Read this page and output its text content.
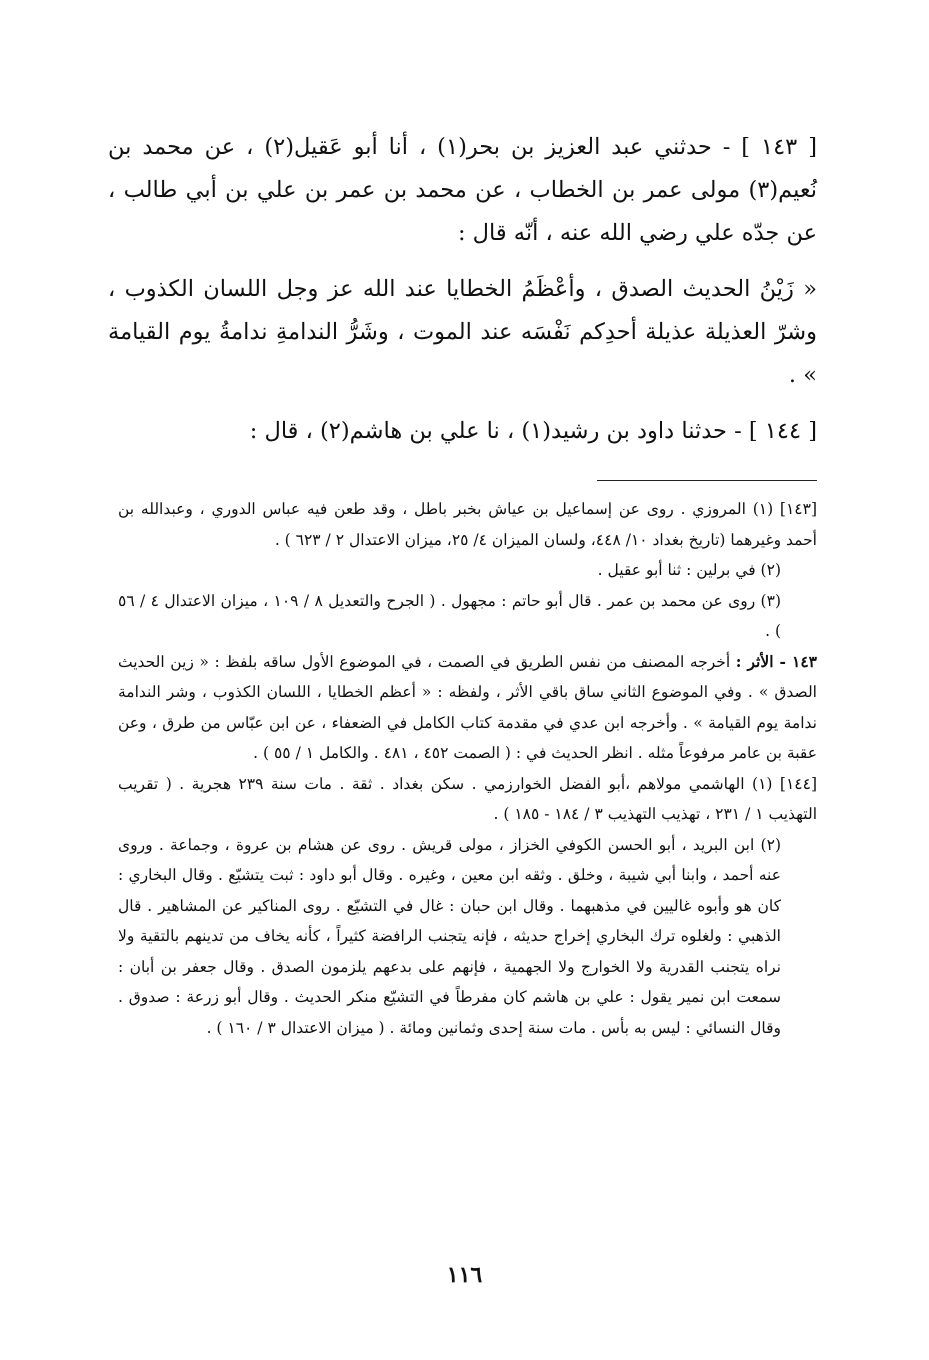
[ ١٤٣ ] - حدثني عبد العزيز بن بحر(١) ، أنا أبو عَقيل(٢) ، عن محمد بن نُعيم(٣) مولى عمر بن الخطاب ، عن محمد بن عمر بن علي بن أبي طالب ، عن جدّه علي رضي الله عنه ، أنّه قال :

« زَيْنُ الحديث الصدق ، وأعْظَمُ الخطايا عند الله عز وجل اللسان الكذوب ، وشرّ العذيلة عذيلة أحدِكم نَفْسَه عند الموت ، وشَرُّ الندامةِ ندامةُ يوم القيامة » .

[ ١٤٤ ] - حدثنا داود بن رشيد(١) ، نا علي بن هاشم(٢) ، قال :

[١٤٣] (١) المروزي . روى عن إسماعيل بن عياش بخبر باطل ، وقد طعن فيه عباس الدوري ، وعبدالله بن أحمد وغيرهما (تاريخ بغداد ١٠/ ٤٤٨، ولسان الميزان ٤/ ٢٥، ميزان الاعتدال ٢ / ٦٢٣ ) .

(٢) في برلين : ثنا أبو عقيل .

(٣) روى عن محمد بن عمر . قال أبو حاتم : مجهول . ( الجرح والتعديل ٨ / ١٠٩ ، ميزان الاعتدال ٤ / ٥٦ ) .

١٤٣ - الأثر : أخرجه المصنف من نفس الطريق في الصمت ، في الموضوع الأول ساقه بلفظ : « زين الحديث الصدق » . وفي الموضوع الثاني ساق باقي الأثر ، ولفظه : « أعظم الخطايا ، اللسان الكذوب ، وشر الندامة ندامة يوم القيامة » . وأخرجه ابن عدي في مقدمة كتاب الكامل في الضعفاء ، عن ابن عبّاس من طرق ، وعن عقبة بن عامر مرفوعاً مثله . انظر الحديث في : ( الصمت ٤٥٢ ، ٤٨١ . والكامل ١ / ٥٥ ) .

[١٤٤] (١) الهاشمي مولاهم ،أبو الفضل الخوارزمي . سكن بغداد . ثقة . مات سنة ٢٣٩ هجرية . ( تقريب التهذيب ١ / ٢٣١ ، تهذيب التهذيب ٣ / ١٨٤ - ١٨٥ ) .

(٢) ابن البريد ، أبو الحسن الكوفي الخزاز ، مولى قريش . روى عن هشام بن عروة ، وجماعة . وروى عنه أحمد ، وابنا أبي شيبة ، وخلق . وثقه ابن معين ، وغيره . وقال أبو داود : ثبت يتشيّع . وقال البخاري : كان هو وأبوه غاليين في مذهبهما . وقال ابن حبان : غال في التشيّع . روى المناكير عن المشاهير . قال الذهبي : ولغلوه ترك البخاري إخراج حديثه ، فإنه يتجنب الرافضة كثيراً ، كأنه يخاف من تدينهم بالتقية ولا نراه يتجنب القدرية ولا الخوارج ولا الجهمية ، فإنهم على بدعهم يلزمون الصدق . وقال جعفر بن أبان : سمعت ابن نمير يقول : علي بن هاشم كان مفرطاً في التشيّع منكر الحديث . وقال أبو زرعة : صدوق . وقال النسائي : ليس به بأس . مات سنة إحدى وثمانين ومائة . ( ميزان الاعتدال ٣ / ١٦٠ ) .

١١٦
